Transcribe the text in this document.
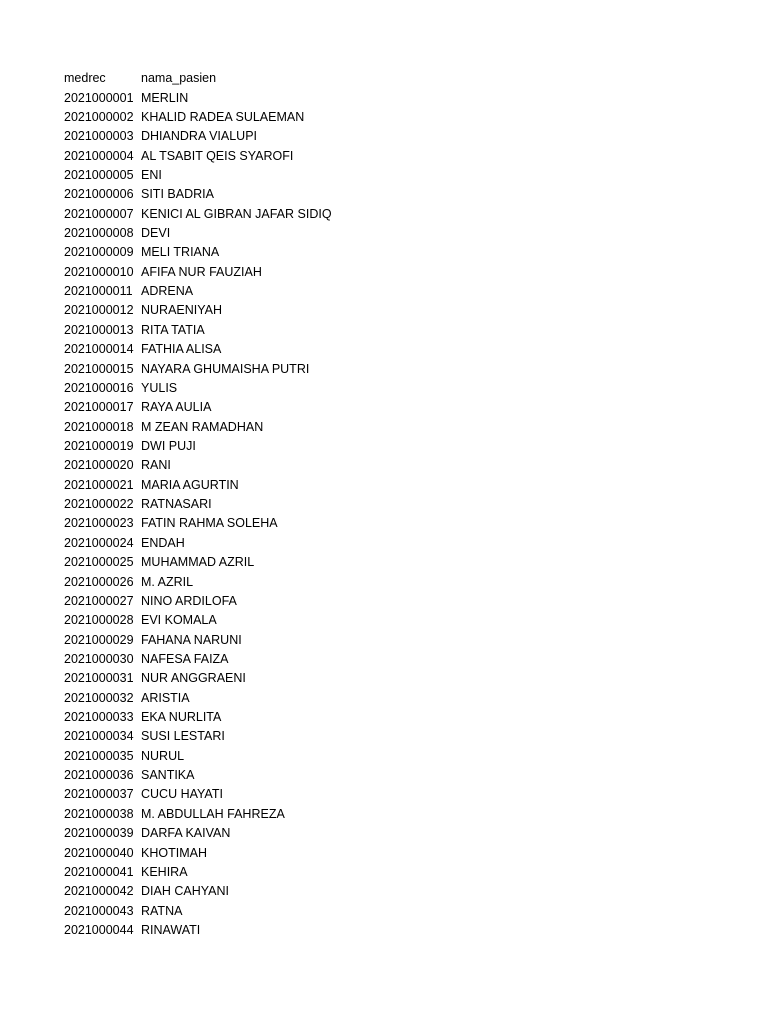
medrec	nama_pasien
2021000001	MERLIN
2021000002	KHALID RADEA SULAEMAN
2021000003	DHIANDRA VIALUPI
2021000004	AL TSABIT QEIS SYAROFI
2021000005	ENI
2021000006	SITI BADRIA
2021000007	KENICI AL GIBRAN JAFAR SIDIQ
2021000008	DEVI
2021000009	MELI TRIANA
2021000010	AFIFA NUR FAUZIAH
2021000011	ADRENA
2021000012	NURAENIYAH
2021000013	RITA TATIA
2021000014	FATHIA ALISA
2021000015	NAYARA GHUMAISHA PUTRI
2021000016	YULIS
2021000017	RAYA AULIA
2021000018	M ZEAN RAMADHAN
2021000019	DWI PUJI
2021000020	RANI
2021000021	MARIA AGURTIN
2021000022	RATNASARI
2021000023	FATIN RAHMA SOLEHA
2021000024	ENDAH
2021000025	MUHAMMAD AZRIL
2021000026	M. AZRIL
2021000027	NINO ARDILOFA
2021000028	EVI KOMALA
2021000029	FAHANA NARUNI
2021000030	NAFESA FAIZA
2021000031	NUR ANGGRAENI
2021000032	ARISTIA
2021000033	EKA NURLITA
2021000034	SUSI LESTARI
2021000035	NURUL
2021000036	SANTIKA
2021000037	CUCU HAYATI
2021000038	M. ABDULLAH FAHREZA
2021000039	DARFA KAIVAN
2021000040	KHOTIMAH
2021000041	KEHIRA
2021000042	DIAH CAHYANI
2021000043	RATNA
2021000044	RINAWATI
